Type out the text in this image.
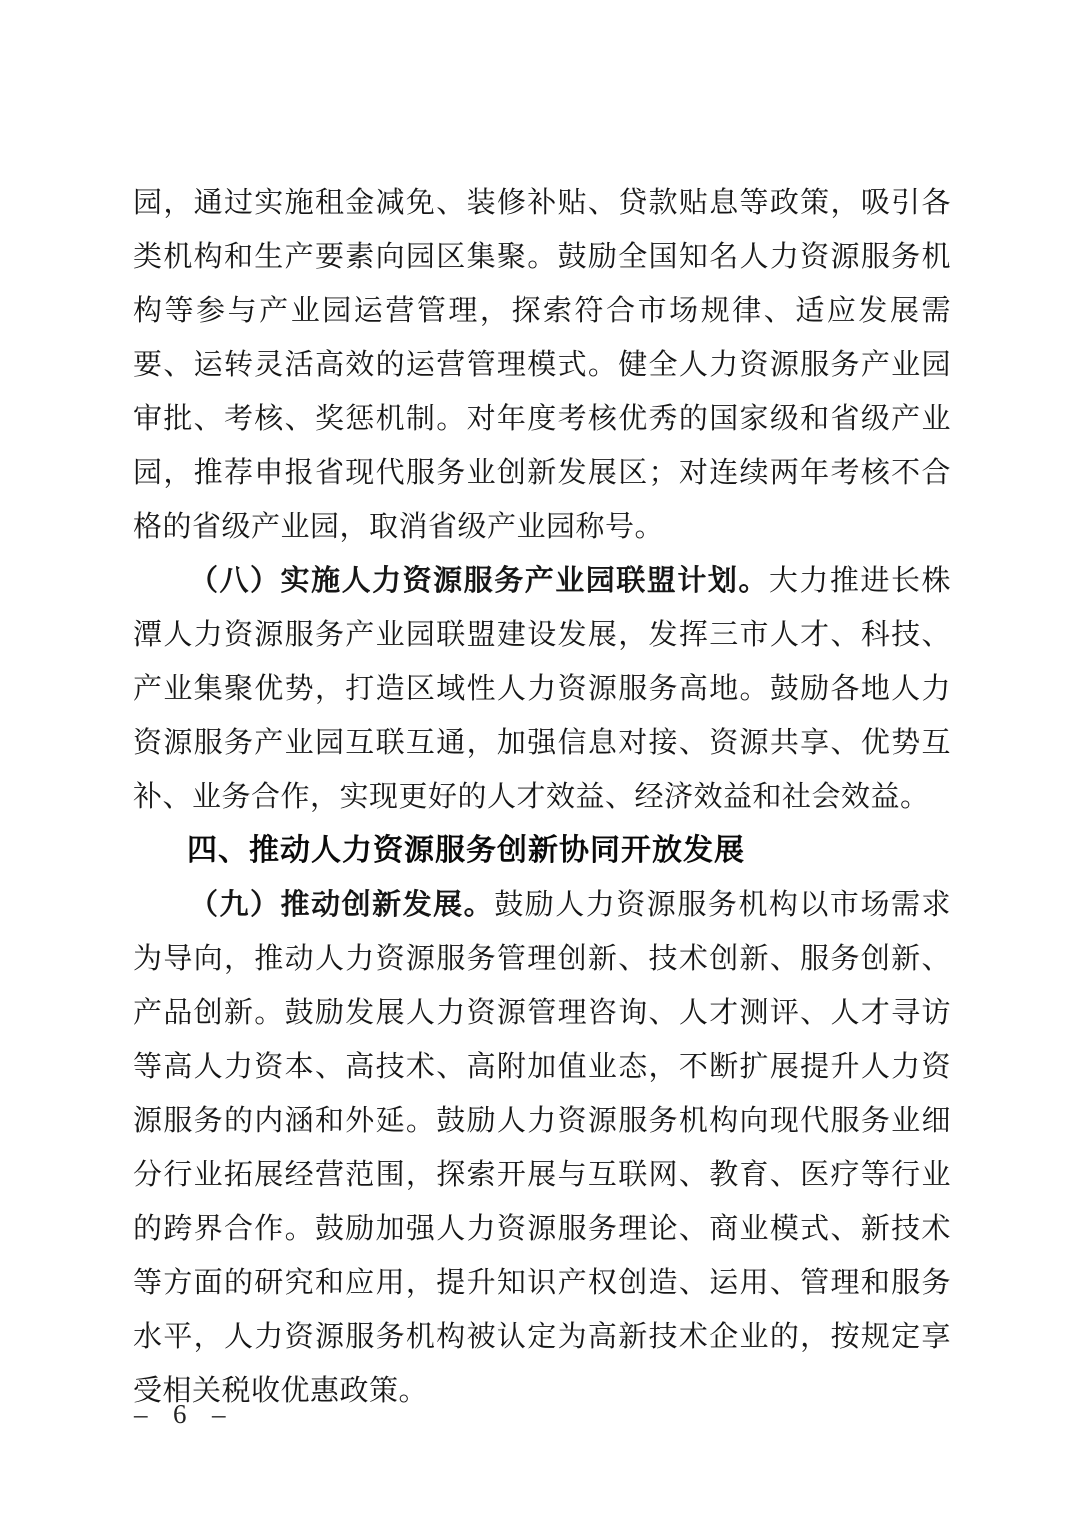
园，通过实施租金减免、装修补贴、贷款贴息等政策，吸引各类机构和生产要素向园区集聚。鼓励全国知名人力资源服务机构等参与产业园运营管理，探索符合市场规律、适应发展需要、运转灵活高效的运营管理模式。健全人力资源服务产业园审批、考核、奖惩机制。对年度考核优秀的国家级和省级产业园，推荐申报省现代服务业创新发展区；对连续两年考核不合格的省级产业园，取消省级产业园称号。

（八）实施人力资源服务产业园联盟计划。大力推进长株潭人力资源服务产业园联盟建设发展，发挥三市人才、科技、产业集聚优势，打造区域性人力资源服务高地。鼓励各地人力资源服务产业园互联互通，加强信息对接、资源共享、优势互补、业务合作，实现更好的人才效益、经济效益和社会效益。

四、推动人力资源服务创新协同开放发展

（九）推动创新发展。鼓励人力资源服务机构以市场需求为导向，推动人力资源服务管理创新、技术创新、服务创新、产品创新。鼓励发展人力资源管理咨询、人才测评、人才寻访等高人力资本、高技术、高附加值业态，不断扩展提升人力资源服务的内涵和外延。鼓励人力资源服务机构向现代服务业细分行业拓展经营范围，探索开展与互联网、教育、医疗等行业的跨界合作。鼓励加强人力资源服务理论、商业模式、新技术等方面的研究和应用，提升知识产权创造、运用、管理和服务水平，人力资源服务机构被认定为高新技术企业的，按规定享受相关税收优惠政策。

–  6  –
